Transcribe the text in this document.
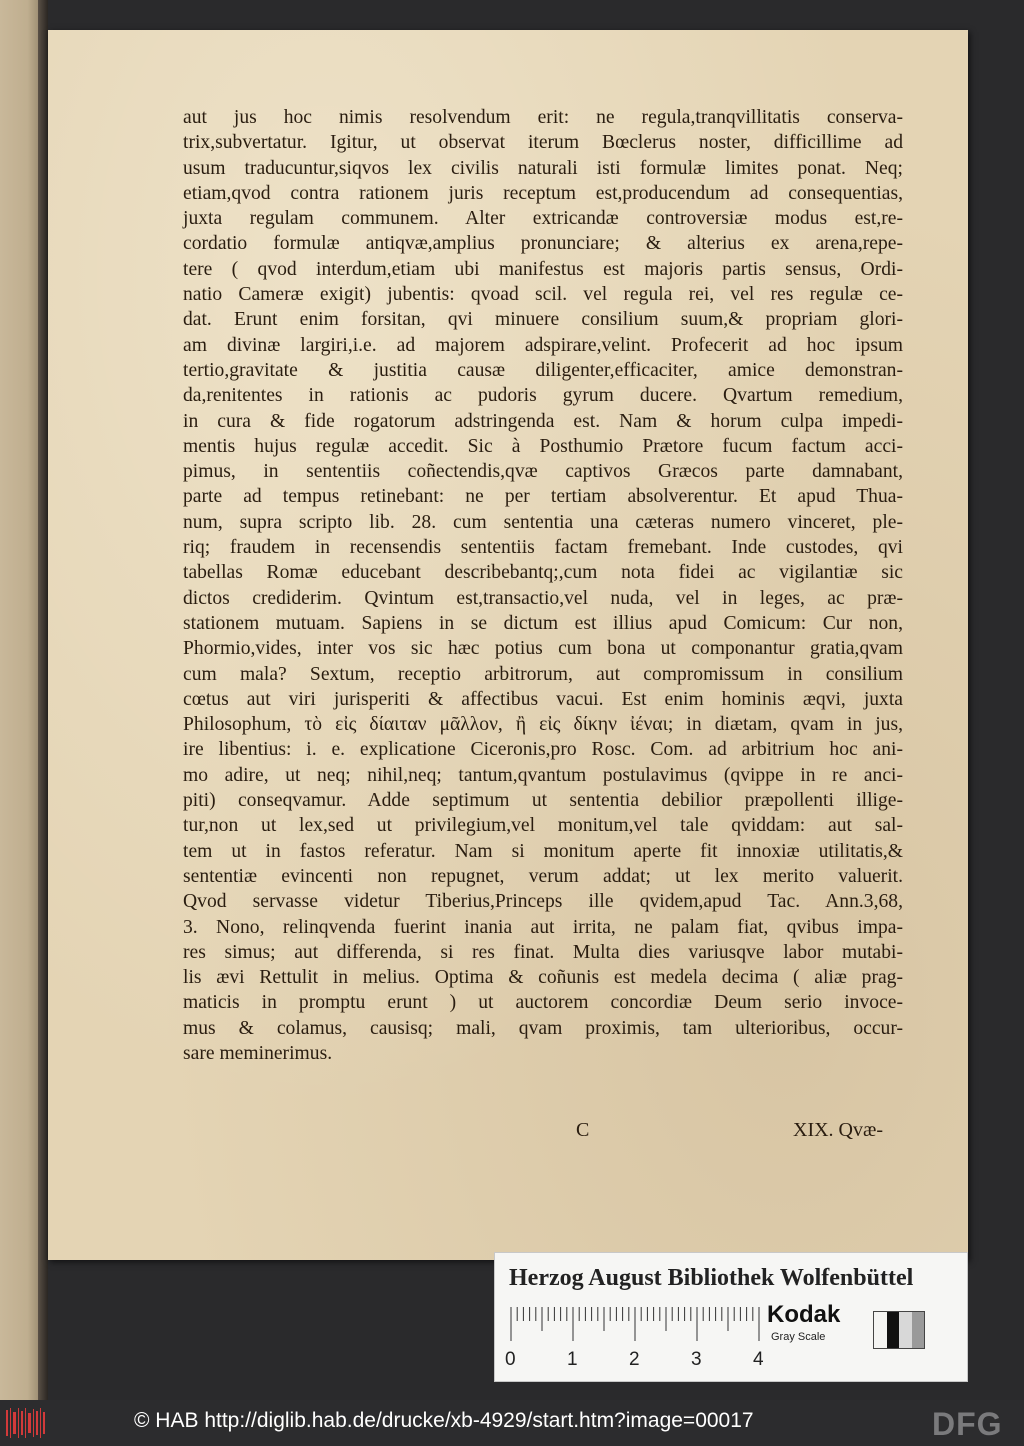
aut jus hoc nimis resolvendum erit: ne regula,tranqvillitatis conserva-
trix,subvertatur. Igitur, ut observat iterum Bœclerus noster, difficillime ad
usum traducuntur,siqvos lex civilis naturali isti formulæ limites ponat. Neq;
etiam,qvod contra rationem juris receptum est,producendum ad consequentias,
juxta regulam communem. Alter extricandæ controversiæ modus est,re-
cordatio formulæ antiqvæ,amplius pronunciare; & alterius ex arena,repe-
tere ( qvod interdum,etiam ubi manifestus est majoris partis sensus, Ordi-
natio Cameræ exigit) jubentis: qvoad scil. vel regula rei, vel res regulæ ce-
dat. Erunt enim forsitan, qvi minuere consilium suum,& propriam glori-
am divinæ largiri,i.e. ad majorem adspirare,velint. Profecerit ad hoc ipsum
tertio,gravitate & justitia causæ diligenter,efficaciter, amice demonstran-
da,renitentes in rationis ac pudoris gyrum ducere. Qvartum remedium,
in cura & fide rogatorum adstringenda est. Nam & horum culpa impedi-
mentis hujus regulæ accedit. Sic à Posthumio Prætore fucum factum acci-
pimus, in sententiis coñectendis,qvæ captivos Græcos parte damnabant,
parte ad tempus retinebant: ne per tertiam absolverentur. Et apud Thua-
num, supra scripto lib. 28. cum sententia una cæteras numero vinceret, ple-
riq; fraudem in recensendis sententiis factam fremebant. Inde custodes, qvi
tabellas Romæ educebant describebantq;,cum nota fidei ac vigilantiæ sic
dictos crediderim. Qvintum est,transactio,vel nuda, vel in leges, ac præ-
stationem mutuam. Sapiens in se dictum est illius apud Comicum: Cur non,
Phormio,vides, inter vos sic hæc potius cum bona ut componantur gratia,qvam
cum mala? Sextum, receptio arbitrorum, aut compromissum in consilium
cœtus aut viri jurisperiti & affectibus vacui. Est enim hominis æqvi, juxta
Philosophum, τὸ εἰς δίαιταν μᾶλλον, ἢ εἰς δίκην ἰέναι; in diætam, qvam in jus,
ire libentius: i. e. explicatione Ciceronis,pro Rosc. Com. ad arbitrium hoc ani-
mo adire, ut neq; nihil,neq; tantum,qvantum postulavimus (qvippe in re anci-
piti) conseqvamur. Adde septimum ut sententia debilior præpollenti illige-
tur,non ut lex,sed ut privilegium,vel monitum,vel tale qviddam: aut sal-
tem ut in fastos referatur. Nam si monitum aperte fit innoxiæ utilitatis,&
sententiæ evincenti non repugnet, verum addat; ut lex merito valuerit.
Qvod servasse videtur Tiberius,Princeps ille qvidem,apud Tac. Ann.3,68,
3. Nono, relinqvenda fuerint inania aut irrita, ne palam fiat, qvibus impa-
res simus; aut differenda, si res finat. Multa dies variusqve labor mutabi-
lis ævi Rettulit in melius. Optima & coñunis est medela decima ( aliæ prag-
maticis in promptu erunt ) ut auctorem concordiæ Deum serio invoce-
mus & colamus, causisq; mali, qvam proximis, tam ulterioribus, occur-
sare meminerimus.
C	XIX. Qvæ-
Herzog August Bibliothek Wolfenbüttel
0	1	2	3	4
Kodak
Gray Scale
© HAB http://diglib.hab.de/drucke/xb-4929/start.htm?image=00017	DFG
